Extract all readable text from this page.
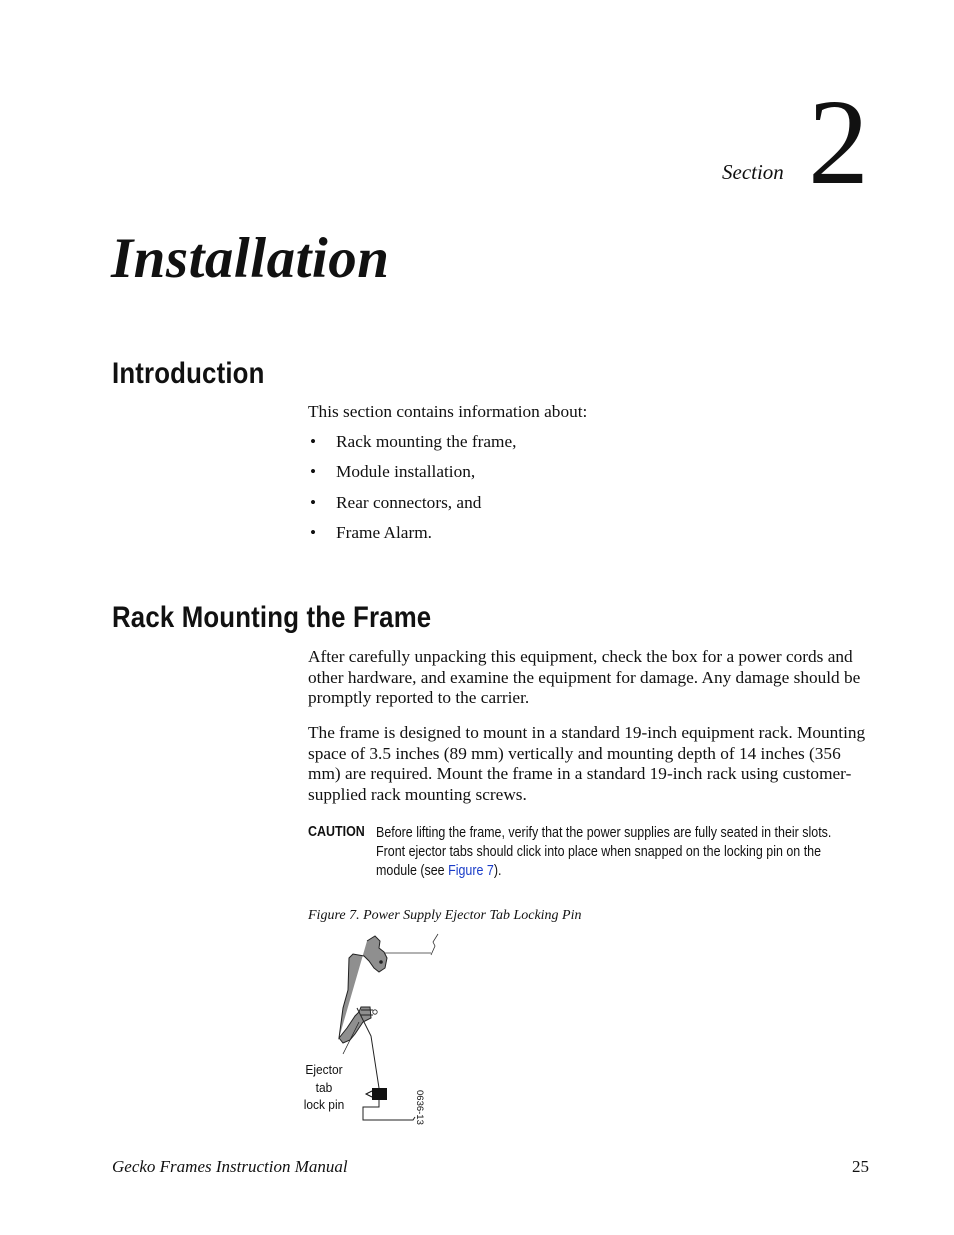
Section 2
Installation
Introduction
This section contains information about:
• Rack mounting the frame,
• Module installation,
• Rear connectors, and
• Frame Alarm.
Rack Mounting the Frame
After carefully unpacking this equipment, check the box for a power cords and other hardware, and examine the equipment for damage. Any damage should be promptly reported to the carrier.
The frame is designed to mount in a standard 19-inch equipment rack. Mounting space of 3.5 inches (89 mm) vertically and mounting depth of 14 inches (356 mm) are required. Mount the frame in a standard 19-inch rack using customer-supplied rack mounting screws.
CAUTION Before lifting the frame, verify that the power supplies are fully seated in their slots. Front ejector tabs should click into place when snapped on the locking pin on the module (see Figure 7).
Figure 7. Power Supply Ejector Tab Locking Pin
Ejector
tab
lock pin	0636-13
Gecko Frames Instruction Manual	25
